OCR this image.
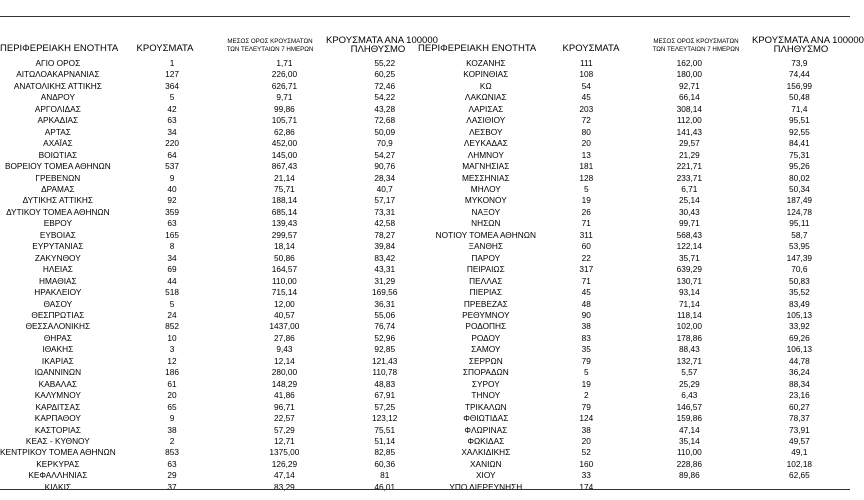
ΠΕΡΙΦΕΡΕΙΑΚΗ ΕΝΟΤΗΤΑ	ΚΡΟΥΣΜΑΤΑ
ΜΕΣΟΣ ΟΡΟΣ ΚΡΟΥΣΜΑΤΩΝ
ΤΩΝ ΤΕΛΕΥΤΑΙΩΝ 7 ΗΜΕΡΩΝ
ΚΡΟΥΣΜΑΤΑ ΑΝΑ 100000
ΠΛΗΘΥΣΜΟ	ΠΕΡΙΦΕΡΕΙΑΚΗ ΕΝΟΤΗΤΑ	ΚΡΟΥΣΜΑΤΑ
ΜΕΣΟΣ ΟΡΟΣ ΚΡΟΥΣΜΑΤΩΝ
ΤΩΝ ΤΕΛΕΥΤΑΙΩΝ 7 ΗΜΕΡΩΝ
ΚΡΟΥΣΜΑΤΑ ΑΝΑ 100000
ΠΛΗΘΥΣΜΟ
ΑΓΙΟ ΟΡΟΣ	1	1,71	55,22	ΚΟΖΑΝΗΣ	111	162,00	73,9
ΑΙΤΩΛΟΑΚΑΡΝΑΝΙΑΣ	127	226,00	60,25	ΚΟΡΙΝΘΙΑΣ	108	180,00	74,44
ΑΝΑΤΟΛΙΚΗΣ ΑΤΤΙΚΗΣ	364	626,71	72,46	ΚΩ	54	92,71	156,99
ΑΝΔΡΟΥ	5	9,71	54,22	ΛΑΚΩΝΙΑΣ	45	66,14	50,48
ΑΡΓΟΛΙΔΑΣ	42	99,86	43,28	ΛΑΡΙΣΑΣ	203	308,14	71,4
ΑΡΚΑΔΙΑΣ	63	105,71	72,68	ΛΑΣΙΘΙΟΥ	72	112,00	95,51
ΑΡΤΑΣ	34	62,86	50,09	ΛΕΣΒΟΥ	80	141,43	92,55
ΑΧΑΪΑΣ	220	452,00	70,9	ΛΕΥΚΑΔΑΣ	20	29,57	84,41
ΒΟΙΩΤΙΑΣ	64	145,00	54,27	ΛΗΜΝΟΥ	13	21,29	75,31
ΒΟΡΕΙΟΥ ΤΟΜΕΑ ΑΘΗΝΩΝ	537	867,43	90,76	ΜΑΓΝΗΣΙΑΣ	181	221,71	95,26
ΓΡΕΒΕΝΩΝ	9	21,14	28,34	ΜΕΣΣΗΝΙΑΣ	128	233,71	80,02
ΔΡΑΜΑΣ	40	75,71	40,7	ΜΗΛΟΥ	5	6,71	50,34
ΔΥΤΙΚΗΣ ΑΤΤΙΚΗΣ	92	188,14	57,17	ΜΥΚΟΝΟΥ	19	25,14	187,49
ΔΥΤΙΚΟΥ ΤΟΜΕΑ ΑΘΗΝΩΝ	359	685,14	73,31	ΝΑΞΟΥ	26	30,43	124,78
ΕΒΡΟΥ	63	139,43	42,58	ΝΗΣΩΝ	71	99,71	95,11
ΕΥΒΟΙΑΣ	165	299,57	78,27	ΝΟΤΙΟΥ ΤΟΜΕΑ ΑΘΗΝΩΝ	311	568,43	58,7
ΕΥΡΥΤΑΝΙΑΣ	8	18,14	39,84	ΞΑΝΘΗΣ	60	122,14	53,95
ΖΑΚΥΝΘΟΥ	34	50,86	83,42	ΠΑΡΟΥ	22	35,71	147,39
ΗΛΕΙΑΣ	69	164,57	43,31	ΠΕΙΡΑΙΩΣ	317	639,29	70,6
ΗΜΑΘΙΑΣ	44	110,00	31,29	ΠΕΛΛΑΣ	71	130,71	50,83
ΗΡΑΚΛΕΙΟΥ	518	715,14	169,56	ΠΙΕΡΙΑΣ	45	93,14	35,52
ΘΑΣΟΥ	5	12,00	36,31	ΠΡΕΒΕΖΑΣ	48	71,14	83,49
ΘΕΣΠΡΩΤΙΑΣ	24	40,57	55,06	ΡΕΘΥΜΝΟΥ	90	118,14	105,13
ΘΕΣΣΑΛΟΝΙΚΗΣ	852	1437,00	76,74	ΡΟΔΟΠΗΣ	38	102,00	33,92
ΘΗΡΑΣ	10	27,86	52,96	ΡΟΔΟΥ	83	178,86	69,26
ΙΘΑΚΗΣ	3	9,43	92,85	ΣΑΜΟΥ	35	88,43	106,13
ΙΚΑΡΙΑΣ	12	12,14	121,43	ΣΕΡΡΩΝ	79	132,71	44,78
ΙΩΑΝΝΙΝΩΝ	186	280,00	110,78	ΣΠΟΡΑΔΩΝ	5	5,57	36,24
ΚΑΒΑΛΑΣ	61	148,29	48,83	ΣΥΡΟΥ	19	25,29	88,34
ΚΑΛΥΜΝΟΥ	20	41,86	67,91	ΤΗΝΟΥ	2	6,43	23,16
ΚΑΡΔΙΤΣΑΣ	65	96,71	57,25	ΤΡΙΚΑΛΩΝ	79	146,57	60,27
ΚΑΡΠΑΘΟΥ	9	22,57	123,12	ΦΘΙΩΤΙΔΑΣ	124	159,86	78,37
ΚΑΣΤΟΡΙΑΣ	38	57,29	75,51	ΦΛΩΡΙΝΑΣ	38	47,14	73,91
ΚΕΑΣ - ΚΥΘΝΟΥ	2	12,71	51,14	ΦΩΚΙΔΑΣ	20	35,14	49,57
ΚΕΝΤΡΙΚΟΥ ΤΟΜΕΑ ΑΘΗΝΩΝ	853	1375,00	82,85	ΧΑΛΚΙΔΙΚΗΣ	52	110,00	49,1
ΚΕΡΚΥΡΑΣ	63	126,29	60,36	ΧΑΝΙΩΝ	160	228,86	102,18
ΚΕΦΑΛΛΗΝΙΑΣ	29	47,14	81	ΧΙΟΥ	33	89,86	62,65
ΚΙΛΚΙΣ	37	83,29	46,01	ΥΠΟ ΔΙΕΡΕΥΝΗΣΗ	174		
